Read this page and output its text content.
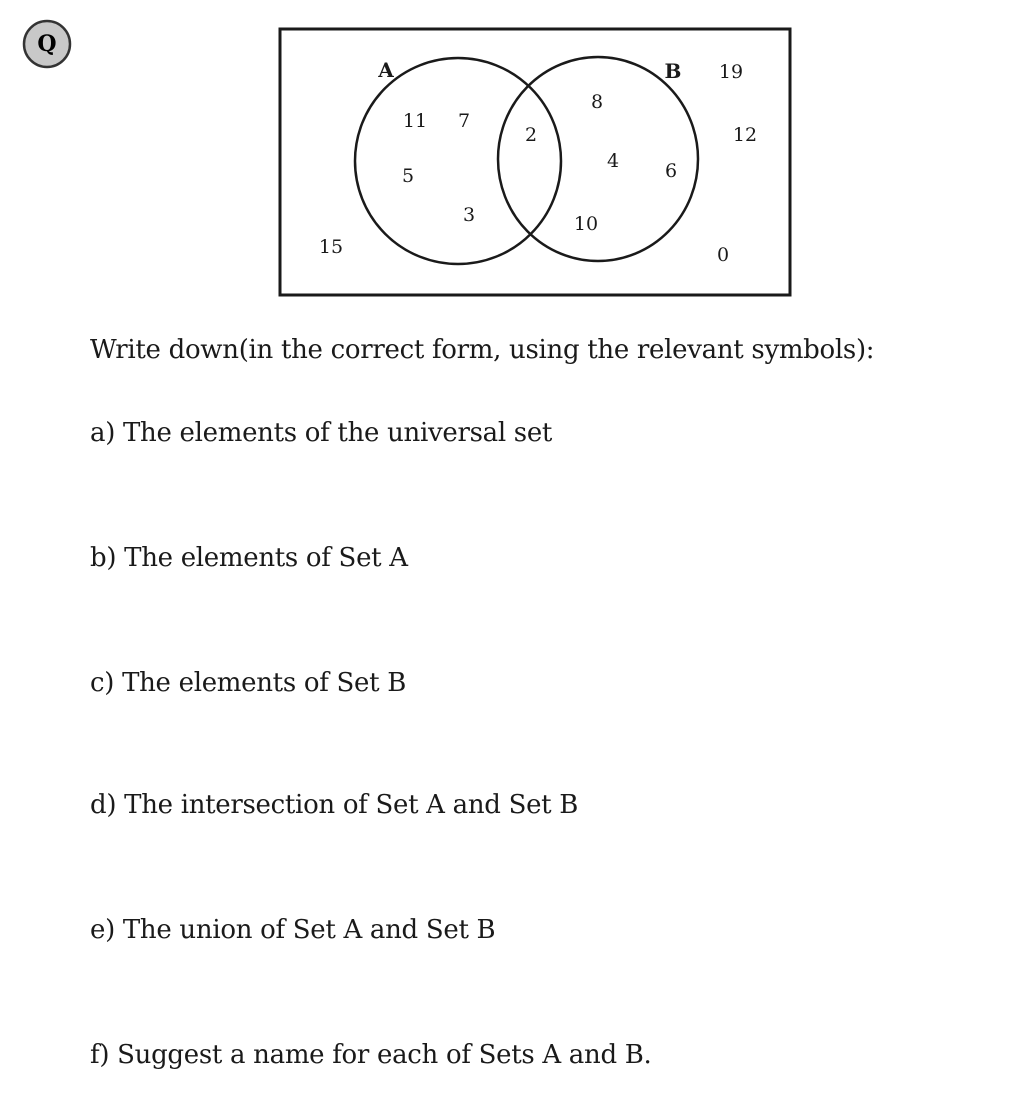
Q
A	B
11 7
5
3
2
8
4 6
10
19
12
15	0
Write down(in the correct form, using the relevant symbols):
a) The elements of the universal set
b) The elements of Set A
c) The elements of Set B
d) The intersection of Set A and Set B
e) The union of Set A and Set B
f) Suggest a name for each of Sets A and B.
